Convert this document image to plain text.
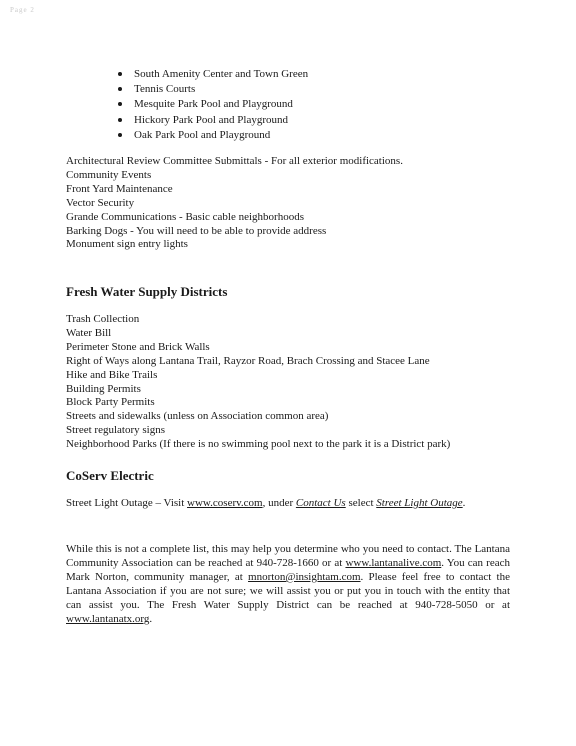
Page 2
South Amenity Center and Town Green
Tennis Courts
Mesquite Park Pool and Playground
Hickory Park Pool and Playground
Oak Park Pool and Playground
Architectural Review Committee Submittals - For all exterior modifications.
Community Events
Front Yard Maintenance
Vector Security
Grande Communications - Basic cable neighborhoods
Barking Dogs - You will need to be able to provide address
Monument sign entry lights
Fresh Water Supply Districts
Trash Collection
Water Bill
Perimeter Stone and Brick Walls
Right of Ways along Lantana Trail, Rayzor Road, Brach Crossing and Stacee Lane
Hike and Bike Trails
Building Permits
Block Party Permits
Streets and sidewalks (unless on Association common area)
Street regulatory signs
Neighborhood Parks (If there is no swimming pool next to the park it is a District park)
CoServ Electric
Street Light Outage – Visit www.coserv.com, under Contact Us select Street Light Outage.
While this is not a complete list, this may help you determine who you need to contact. The Lantana Community Association can be reached at 940-728-1660 or at www.lantanalive.com. You can reach Mark Norton, community manager, at mnorton@insightam.com. Please feel free to contact the Lantana Association if you are not sure; we will assist you or put you in touch with the entity that can assist you. The Fresh Water Supply District can be reached at 940-728-5050 or at www.lantanatx.org.
